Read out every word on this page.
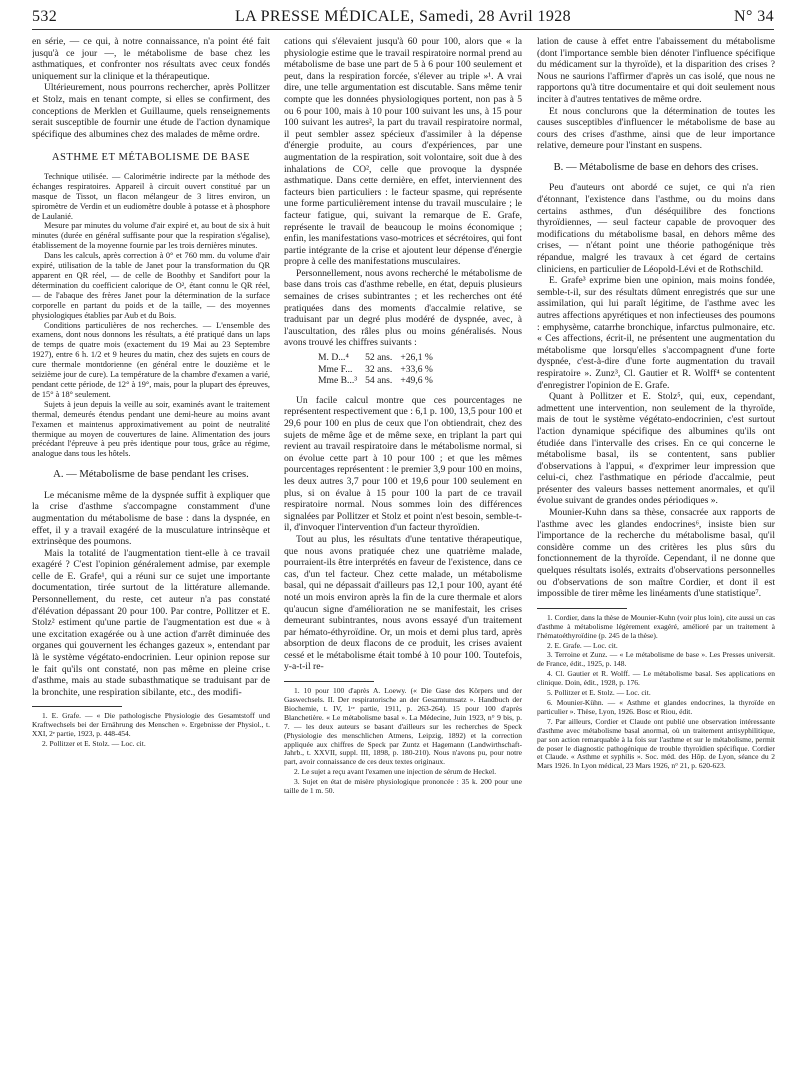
532	LA PRESSE MÉDICALE, Samedi, 28 Avril 1928	N° 34

en série, — ce qui, à notre connaissance, n'a point été fait jusqu'à ce jour —, le métabolisme de base chez les asthmatiques, et confronter nos résultats avec ceux fondés uniquement sur la clinique et la thérapeutique.

Ultérieurement, nous pourrons rechercher, après Pollitzer et Stolz, mais en tenant compte, si elles se confirment, des conceptions de Merklen et Guillaume, quels renseignements serait susceptible de fournir une étude de l'action dynamique spécifique des albumines chez des malades de même ordre.

ASTHME ET MÉTABOLISME DE BASE

Technique utilisée. — Calorimétrie indirecte par la méthode des échanges respiratoires. Appareil à circuit ouvert constitué par un masque de Tissot, un flacon mélangeur de 3 litres environ, un spiromètre de Verdin et un eudiomètre double à potasse et à phosphore de Laulanié.

Mesure par minutes du volume d'air expiré et, au bout de six à huit minutes (durée en général suffisante pour que la respiration s'égalise), établissement de la moyenne fournie par les trois dernières minutes.

Dans les calculs, après correction à 0° et 760 mm. du volume d'air expiré, utilisation de la table de Janet pour la transformation du QR apparent en QR réel, — de celle de Boothby et Sandifort pour la détermination du coefficient calorique de O², étant connu le QR réel, — de l'abaque des frères Janet pour la détermination de la surface corporelle en partant du poids et de la taille, — des moyennes physiologiques établies par Aub et du Bois.

Conditions particulières de nos recherches. — L'ensemble des examens, dont nous donnons les résultats, a été pratiqué dans un laps de temps de quatre mois (exactement du 19 Mai au 23 Septembre 1927), entre 6 h. 1/2 et 9 heures du matin, chez des sujets en cours de cure thermale montdorienne (en général entre le douzième et le seizième jour de cure). La température de la chambre d'examen a varié, pendant cette période, de 12° à 19°, mais, pour la plupart des épreuves, de 15° à 18° seulement.

Sujets à jeun depuis la veille au soir, examinés avant le traitement thermal, demeurés étendus pendant une demi-heure au moins avant l'examen et maintenus approximativement au point de neutralité thermique au moyen de couvertures de laine. Alimentation des jours précédant l'épreuve à peu près identique pour tous, grâce au régime, analogue dans tous les hôtels.

A. — Métabolisme de base pendant les crises.

Le mécanisme même de la dyspnée suffit à expliquer que la crise d'asthme s'accompagne constamment d'une augmentation du métabolisme de base : dans la dyspnée, en effet, il y a travail exagéré de la musculature intrinsèque et extrinsèque des poumons.

Mais la totalité de l'augmentation tient-elle à ce travail exagéré ? C'est l'opinion généralement admise, par exemple celle de E. Grafe¹, qui a réuni sur ce sujet une importante documentation, tirée surtout de la littérature allemande. Personnellement, du reste, cet auteur n'a pas constaté d'élévation dépassant 20 pour 100. Par contre, Pollitzer et E. Stolz² estiment qu'une partie de l'augmentation est due « à une excitation exagérée ou à une action d'arrêt diminuée des organes qui gouvernent les échanges gazeux », entendant par là le système végétato-endocrinien. Leur opinion repose sur le fait qu'ils ont constaté, non pas même en pleine crise d'asthme, mais au stade subasthmatique se traduisant par de la bronchite, une respiration sibilante, etc., des modifi-

1. E. Grafe. — « Die pathologische Physiologie des Gesamtstoff und Kraftwechsels bei der Ernährung des Menschen ». Ergebnisse der Physiol., t. XXI, 2ᵉ partie, 1923, p. 448-454.

2. Pollitzer et E. Stolz. — Loc. cit.

cations qui s'élevaient jusqu'à 60 pour 100, alors que « la physiologie estime que le travail respiratoire normal prend au métabolisme de base une part de 5 à 6 pour 100 seulement et peut, dans la respiration forcée, s'élever au triple »¹. A vrai dire, une telle argumentation est discutable. Sans même tenir compte que les données physiologiques portent, non pas à 5 ou 6 pour 100, mais à 10 pour 100 suivant les uns, à 15 pour 100 suivant les autres², la part du travail respiratoire normal, il peut sembler assez spécieux d'assimiler à la dépense d'énergie produite, au cours d'expériences, par une augmentation de la respiration, soit volontaire, soit due à des inhalations de CO², celle que provoque la dyspnée asthmatique. Dans cette dernière, en effet, interviennent des facteurs bien particuliers : le facteur spasme, qui représente une forme particulièrement intense du travail musculaire ; le facteur fatigue, qui, suivant la remarque de E. Grafe, représente le travail de beaucoup le moins économique ; enfin, les manifestations vaso-motrices et sécrétoires, qui font partie intégrante de la crise et ajoutent leur dépense d'énergie propre à celle des manifestations musculaires.

Personnellement, nous avons recherché le métabolisme de base dans trois cas d'asthme rebelle, en état, depuis plusieurs semaines de crises subintrantes ; et les recherches ont été pratiquées dans des moments d'accalmie relative, se traduisant par un degré plus modéré de dyspnée, avec, à l'auscultation, des râles plus ou moins généralisés. Nous avons trouvé les chiffres suivants :

M. D...⁴	52 ans.	+26,1 %
Mme F...	32 ans.	+33,6 %
Mme B...³	54 ans.	+49,6 %

Un facile calcul montre que ces pourcentages ne représentent respectivement que : 6,1 p. 100, 13,5 pour 100 et 29,6 pour 100 en plus de ceux que l'on obtiendrait, chez des sujets de même âge et de même sexe, en triplant la part qui revient au travail respiratoire dans le métabolisme normal, si on évolue cette part à 10 pour 100 ; et que les mêmes pourcentages représentent : le premier 3,9 pour 100 en moins, les deux autres 3,7 pour 100 et 19,6 pour 100 seulement en plus, si on évalue à 15 pour 100 la part de ce travail respiratoire normal. Nous sommes loin des différences signalées par Pollitzer et Stolz et point n'est besoin, semble-t-il, d'invoquer l'intervention d'un facteur thyroïdien.

Tout au plus, les résultats d'une tentative thérapeutique, que nous avons pratiquée chez une quatrième malade, pourraient-ils être interprétés en faveur de l'existence, dans ce cas, d'un tel facteur. Chez cette malade, un métabolisme basal, qui ne dépassait d'ailleurs pas 12,1 pour 100, ayant été noté un mois environ après la fin de la cure thermale et alors qu'aucun signe d'amélioration ne se manifestait, les crises demeurant subintrantes, nous avons essayé d'un traitement par hémato-éthyroïdine. Or, un mois et demi plus tard, après absorption de deux flacons de ce produit, les crises avaient cessé et le métabolisme était tombé à 10 pour 100. Toutefois, y-a-t-il re-

1. 10 pour 100 d'après A. Loewy. (« Die Gase des Körpers und der Gaswechsels. II. Der respiratorische an der Gesamtumsatz ». Handbuch der Biochemie, t. IV, 1ʳᵉ partie, 1911, p. 263-264). 15 pour 100 d'après Blanchetière. « Le métabolisme basal ». La Médecine, Juin 1923, n° 9 bis, p. 7. — les deux auteurs se basant d'ailleurs sur les recherches de Speck (Physiologie des menschlichen Atmens, Leipzig, 1892) et la correction appliquée aux chiffres de Speck par Zuntz et Hagemann (Landwirthschaft-Jahrb., t. XXVII, suppl. III, 1898, p. 180-210). Nous n'avons pu, pour notre part, avoir connaissance de ces deux textes originaux.

2. Le sujet a reçu avant l'examen une injection de sérum de Heckel.

3. Sujet en état de misère physiologique prononcée : 35 k. 200 pour une taille de 1 m. 50.

lation de cause à effet entre l'abaissement du métabolisme (dont l'importance semble bien dénoter l'influence spécifique du médicament sur la thyroïde), et la disparition des crises ? Nous ne saurions l'affirmer d'après un cas isolé, que nous ne rapportons qu'à titre documentaire et qui doit seulement nous inciter à d'autres tentatives de même ordre.

Et nous conclurons que la détermination de toutes les causes susceptibles d'influencer le métabolisme de base au cours des crises d'asthme, ainsi que de leur importance relative, demeure pour l'instant en suspens.

B. — Métabolisme de base en dehors des crises.

Peu d'auteurs ont abordé ce sujet, ce qui n'a rien d'étonnant, l'existence dans l'asthme, ou du moins dans certains asthmes, d'un déséquilibre des fonctions thyroïdiennes, — seul facteur capable de provoquer des modifications du métabolisme basal, en dehors même des crises, — n'étant point une théorie pathogénique très répandue, malgré les travaux à cet égard de certains cliniciens, en particulier de Léopold-Lévi et de Rothschild.

E. Grafe³ exprime bien une opinion, mais moins fondée, semble-t-il, sur des résultats dûment enregistrés que sur une assimilation, qui lui paraît légitime, de l'asthme avec les autres affections apyrétiques et non infectieuses des poumons : emphysème, catarrhe bronchique, infarctus pulmonaire, etc. « Ces affections, écrit-il, ne présentent une augmentation du métabolisme que lorsqu'elles s'accompagnent d'une forte dyspnée, c'est-à-dire d'une forte augmentation du travail respiratoire ». Zunz³, Cl. Gautier et R. Wolff⁴ se contentent d'enregistrer l'opinion de E. Grafe.

Quant à Pollitzer et E. Stolz⁵, qui, eux, cependant, admettent une intervention, non seulement de la thyroïde, mais de tout le système végétato-endocrinien, c'est surtout l'action dynamique spécifique des albumines qu'ils ont étudiée dans l'intervalle des crises. En ce qui concerne le métabolisme basal, ils se contentent, sans publier d'observations à l'appui, « d'exprimer leur impression que celui-ci, chez l'asthmatique en période d'accalmie, peut présenter des valeurs basses nettement anormales, et qu'il évolue suivant de grandes ondes périodiques ».

Mounier-Kuhn dans sa thèse, consacrée aux rapports de l'asthme avec les glandes endocrines⁶, insiste bien sur l'importance de la recherche du métabolisme basal, qu'il considère comme un des critères les plus sûrs du fonctionnement de la thyroïde. Cependant, il ne donne que quelques résultats isolés, extraits d'observations personnelles ou d'observations de son maître Cordier, et dont il est impossible de tirer même les linéaments d'une statistique⁷.

1. Cordier, dans la thèse de Mounier-Kuhn (voir plus loin), cite aussi un cas d'asthme à métabolisme légèrement exagéré, amélioré par un traitement à l'hématoéthyroïdine (p. 245 de la thèse).

2. E. Grafe. — Loc. cit.

3. Terroine et Zunz. — « Le métabolisme de base ». Les Presses universit. de France, édit., 1925, p. 148.

4. Cl. Gautier et R. Wolff. — Le métabolisme basal. Ses applications en clinique. Doin, édit., 1928, p. 176.

5. Pollitzer et E. Stolz. — Loc. cit.

6. Mounier-Kühn. — « Asthme et glandes endocrines, la thyroïde en particulier ». Thèse, Lyon, 1926. Bosc et Riou, édit.

7. Par ailleurs, Cordier et Claude ont publié une observation intéressante d'asthme avec métabolisme basal anormal, où un traitement antisyphilitique, par son action remarquable à la fois sur l'asthme et sur le métabolisme, permit de poser le diagnostic pathogénique de trouble thyroïdien spécifique. Cordier et Claude. « Asthme et syphilis ». Soc. méd. des Hôp. de Lyon, séance du 2 Mars 1926. In Lyon médical, 23 Mars 1926, n° 21, p. 620-623.
